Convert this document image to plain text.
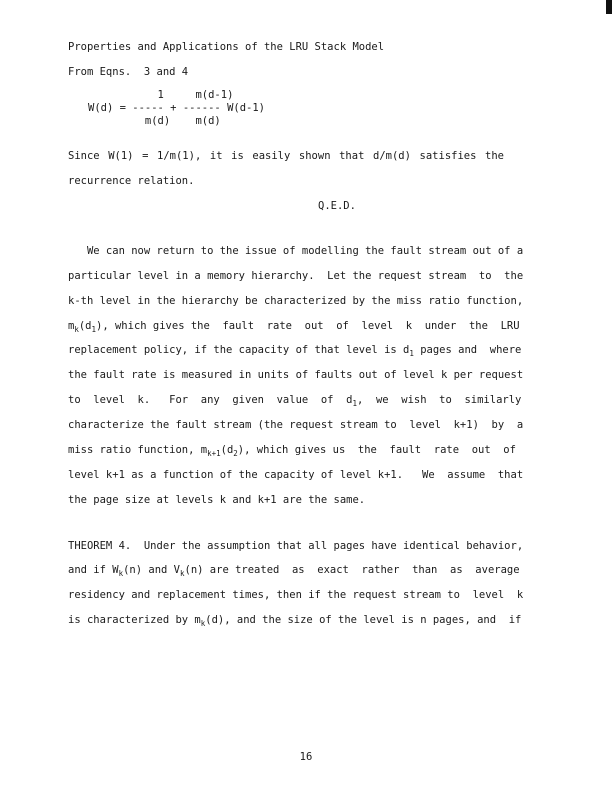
Properties and Applications of the LRU Stack Model

From Eqns.  3 and 4

1     m(d-1)

W(d) = ----- + ------ W(d-1)

m(d)    m(d)

Since W(1) = 1/m(1), it is easily shown that d/m(d) satisfies the

recurrence relation.

Q.E.D.

We can now return to the issue of modelling the fault stream out of a

particular level in a memory hierarchy.  Let the request stream  to  the

k-th level in the hierarchy be characterized by the miss ratio function,

$m_k(d_1)$, which gives the  fault  rate  out  of  level  k  under  the  LRU

replacement policy, if the capacity of that level is $d_1$ pages and  where

the fault rate is measured in units of faults out of level k per request

to  level  k.   For  any  given  value  of  $d_1$,  we  wish  to  similarly

characterize the fault stream (the request stream to  level  k+1)  by  a

miss ratio function, $m_{k+1}(d_2)$, which gives us  the  fault  rate  out  of

level k+1 as a function of the capacity of level k+1.   We  assume  that

the page size at levels k and k+1 are the same.

THEOREM 4.  Under the assumption that all pages have identical behavior,

and if $W_k(n)$ and $V_k(n)$ are treated  as  exact  rather  than  as  average

residency and replacement times, then if the request stream to  level  k

is characterized by $m_k(d)$, and the size of the level is n pages, and  if

16
